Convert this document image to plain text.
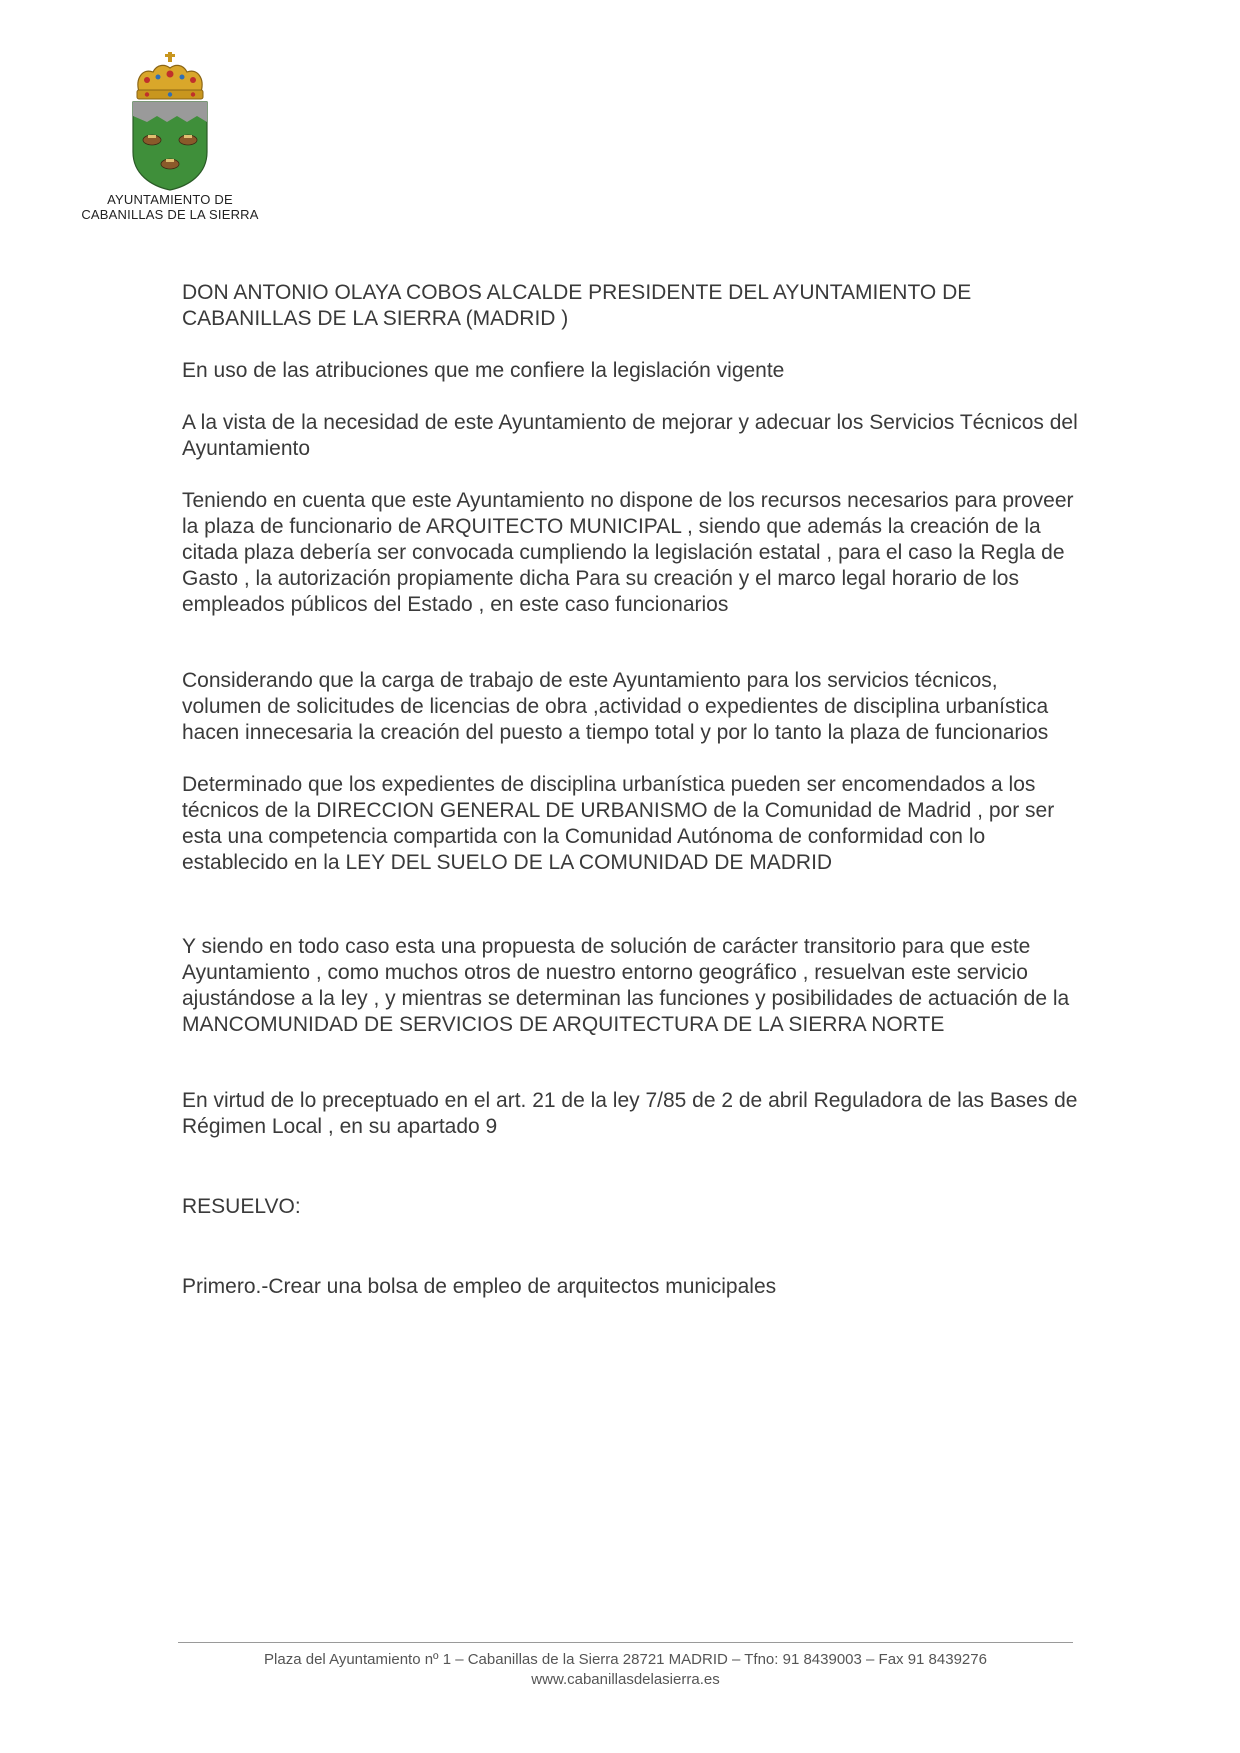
AYUNTAMIENTO DE
CABANILLAS DE LA SIERRA

DON ANTONIO OLAYA COBOS ALCALDE PRESIDENTE DEL AYUNTAMIENTO DE CABANILLAS DE LA SIERRA (MADRID )

En uso de las atribuciones que me confiere la legislación vigente

A la vista de la necesidad de este Ayuntamiento de mejorar y adecuar los Servicios Técnicos del Ayuntamiento

Teniendo en cuenta que este Ayuntamiento no dispone de los recursos necesarios para proveer la plaza de funcionario de ARQUITECTO MUNICIPAL , siendo que además la creación de la citada plaza debería ser convocada cumpliendo la legislación estatal , para el caso la Regla de Gasto , la autorización propiamente dicha Para su creación y el marco legal horario de los empleados públicos del Estado , en este caso funcionarios

Considerando que la carga de trabajo de este Ayuntamiento para los servicios técnicos, volumen de solicitudes de licencias de obra ,actividad o expedientes de disciplina urbanística hacen innecesaria la creación del puesto a tiempo total y por lo tanto la plaza de funcionarios

Determinado que los expedientes de disciplina urbanística pueden ser encomendados a los técnicos de la DIRECCION GENERAL DE URBANISMO de la Comunidad de Madrid , por ser esta una competencia compartida con la Comunidad Autónoma de conformidad con lo establecido en la LEY DEL SUELO DE LA COMUNIDAD DE MADRID

Y siendo en todo caso esta una propuesta de solución de carácter transitorio para que este Ayuntamiento , como muchos otros de nuestro entorno geográfico , resuelvan este servicio ajustándose a la ley , y mientras se determinan las funciones y posibilidades de actuación de la MANCOMUNIDAD DE SERVICIOS DE ARQUITECTURA DE LA SIERRA NORTE

En virtud de lo preceptuado en el art. 21 de la ley 7/85 de 2 de abril Reguladora de las Bases de Régimen Local , en su apartado 9

RESUELVO:

Primero.-Crear una bolsa de empleo de arquitectos municipales

Plaza del Ayuntamiento nº 1 – Cabanillas de la Sierra 28721 MADRID – Tfno: 91 8439003 – Fax 91 8439276
www.cabanillasdelasierra.es
